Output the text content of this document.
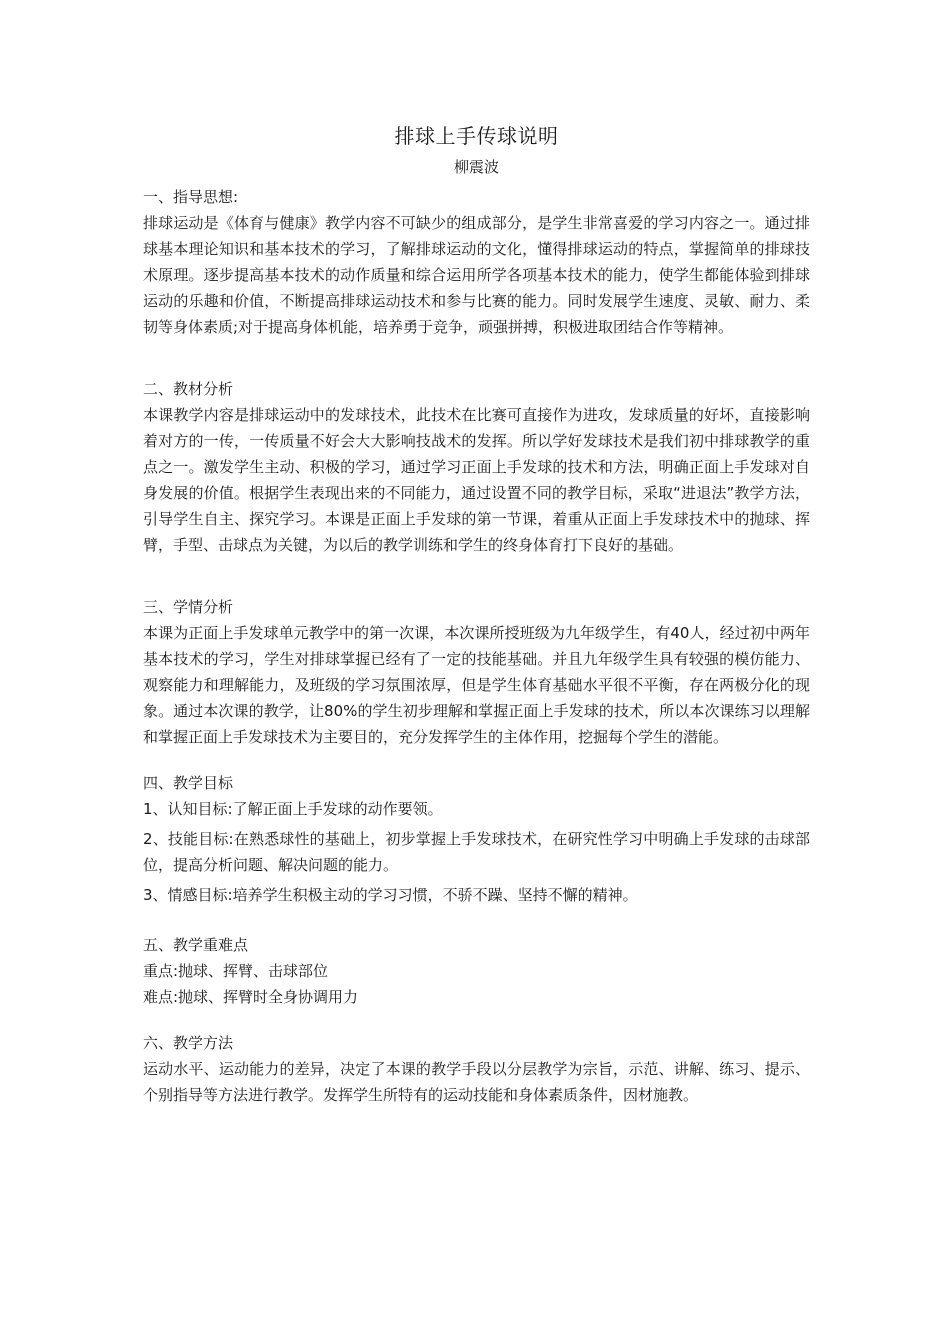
排球上手传球说明

柳震波

一、指导思想:

排球运动是《体育与健康》教学内容不可缺少的组成部分，是学生非常喜爱的学习内容之一。通过排球基本理论知识和基本技术的学习，了解排球运动的文化，懂得排球运动的特点，掌握简单的排球技术原理。逐步提高基本技术的动作质量和综合运用所学各项基本技术的能力，使学生都能体验到排球运动的乐趣和价值，不断提高排球运动技术和参与比赛的能力。同时发展学生速度、灵敏、耐力、柔韧等身体素质;对于提高身体机能，培养勇于竞争，顽强拼搏，积极进取团结合作等精神。

二、教材分析

本课教学内容是排球运动中的发球技术，此技术在比赛可直接作为进攻，发球质量的好坏，直接影响着对方的一传，一传质量不好会大大影响技战术的发挥。所以学好发球技术是我们初中排球教学的重点之一。激发学生主动、积极的学习，通过学习正面上手发球的技术和方法，明确正面上手发球对自身发展的价值。根据学生表现出来的不同能力，通过设置不同的教学目标，采取“进退法”教学方法，引导学生自主、探究学习。本课是正面上手发球的第一节课，着重从正面上手发球技术中的抛球、挥臂，手型、击球点为关键，为以后的教学训练和学生的终身体育打下良好的基础。

三、学情分析

本课为正面上手发球单元教学中的第一次课，本次课所授班级为九年级学生，有40人，经过初中两年基本技术的学习，学生对排球掌握已经有了一定的技能基础。并且九年级学生具有较强的模仿能力、观察能力和理解能力，及班级的学习氛围浓厚，但是学生体育基础水平很不平衡，存在两极分化的现象。通过本次课的教学，让80%的学生初步理解和掌握正面上手发球的技术，所以本次课练习以理解和掌握正面上手发球技术为主要目的，充分发挥学生的主体作用，挖掘每个学生的潜能。

四、教学目标

1、认知目标:了解正面上手发球的动作要领。

2、技能目标:在熟悉球性的基础上，初步掌握上手发球技术，在研究性学习中明确上手发球的击球部位，提高分析问题、解决问题的能力。

3、情感目标:培养学生积极主动的学习习惯，不骄不躁、坚持不懈的精神。

五、教学重难点

重点:抛球、挥臂、击球部位

难点:抛球、挥臂时全身协调用力

六、教学方法

运动水平、运动能力的差异，决定了本课的教学手段以分层教学为宗旨，示范、讲解、练习、提示、个别指导等方法进行教学。发挥学生所特有的运动技能和身体素质条件，因材施教。
